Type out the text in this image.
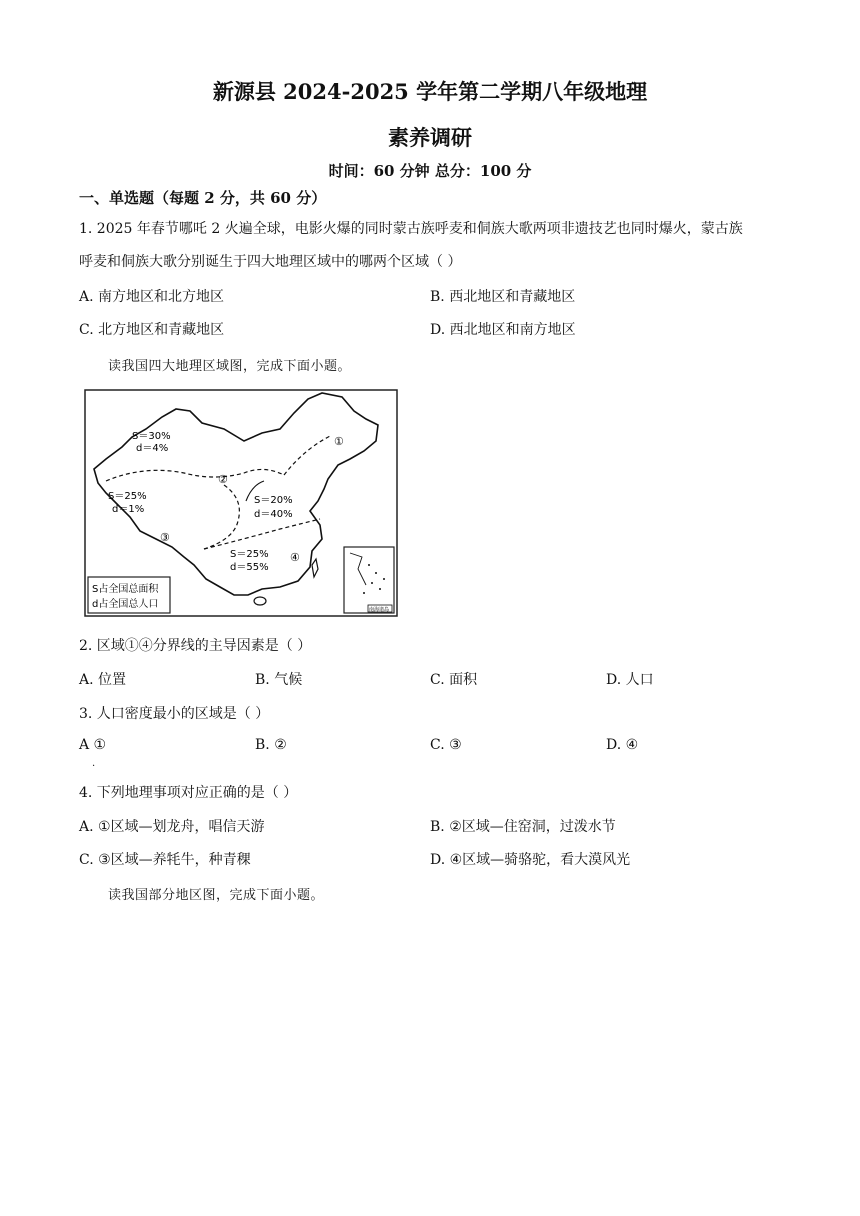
新源县 2024-2025 学年第二学期八年级地理
素养调研
时间：60 分钟 总分：100 分
一、单选题（每题 2 分，共 60 分）
1. 2025 年春节哪吒 2 火遍全球，电影火爆的同时蒙古族呼麦和侗族大歌两项非遗技艺也同时爆火，蒙古族
呼麦和侗族大歌分别诞生于四大地理区域中的哪两个区域（ ）
A. 南方地区和北方地区	B. 西北地区和青藏地区
C. 北方地区和青藏地区	D. 西北地区和南方地区
读我国四大地理区域图，完成下面小题。
S＝30%
d＝4%
S＝25%
d＝1%
S＝20%
d＝40%
S＝25%
d＝55%
①
②
③
④
S占全国总面积
d占全国总人口	南海诸岛
2. 区域①④分界线的主导因素是（ ）
A. 位置	B. 气候	C. 面积	D. 人口
3. 人口密度最小的区域是（ ）
A ①	B. ②	C. ③	D. ④
.
4. 下列地理事项对应正确的是（ ）
A. ①区域—划龙舟，唱信天游	B. ②区域—住窑洞，过泼水节
C. ③区域—养牦牛，种青稞	D. ④区域—骑骆驼，看大漠风光
读我国部分地区图，完成下面小题。
